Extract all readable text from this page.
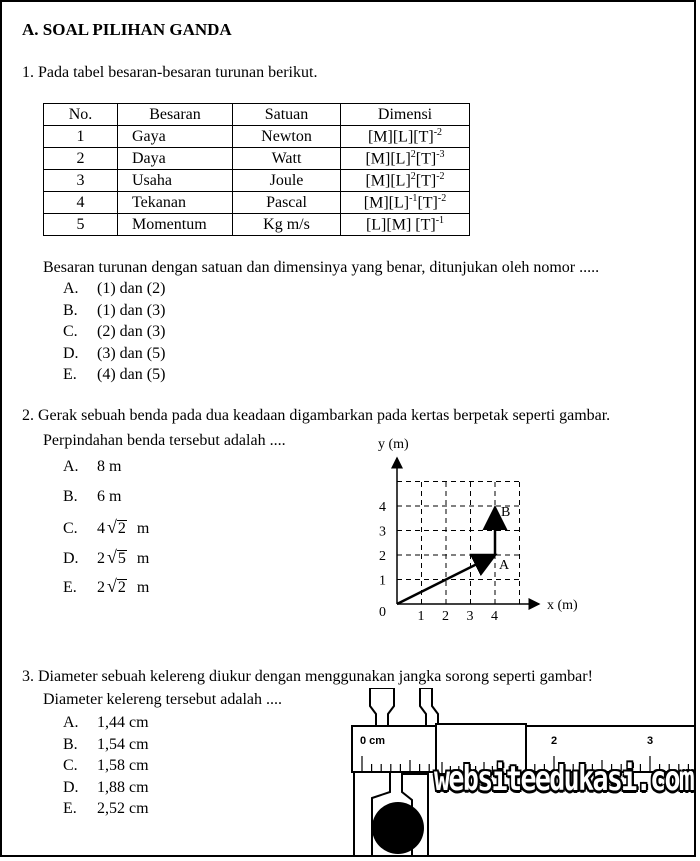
A. SOAL PILIHAN GANDA
1. Pada tabel besaran-besaran turunan berikut.
No.	Besaran	Satuan	Dimensi
1	Gaya	Newton	$[M][L][T]^{-2}$
2	Daya	Watt	$[M][L]^2[T]^{-3}$
3	Usaha	Joule	$[M][L]^2[T]^{-2}$
4	Tekanan	Pascal	$[M][L]^{-1}[T]^{-2}$
5	Momentum	Kg m/s	[L][M] $[T]^{-1}$
Besaran turunan dengan satuan dan dimensinya yang benar, ditunjukan oleh nomor .....
A. (1) dan (2)
B. (1) dan (3)
C. (2) dan (3)
D. (3) dan (5)
E. (4) dan (5)
2. Gerak sebuah benda pada dua keadaan digambarkan pada kertas berpetak seperti gambar.
Perpindahan benda tersebut adalah ....
A. 8 m
B. 6 m
C. 4 √2 m
D. 2 √5 m
E. 2 √2 m
y (m)
x (m)
0 1 2 3 4
1
2
3
4
A
B
3. Diameter sebuah kelereng diukur dengan menggunakan jangka sorong seperti gambar!
Diameter kelereng tersebut adalah ....
A. 1,44 cm
B. 1,54 cm
C. 1,58 cm
D. 1,88 cm
E. 2,52 cm
0 cm	2	3
websiteedukasi.com
